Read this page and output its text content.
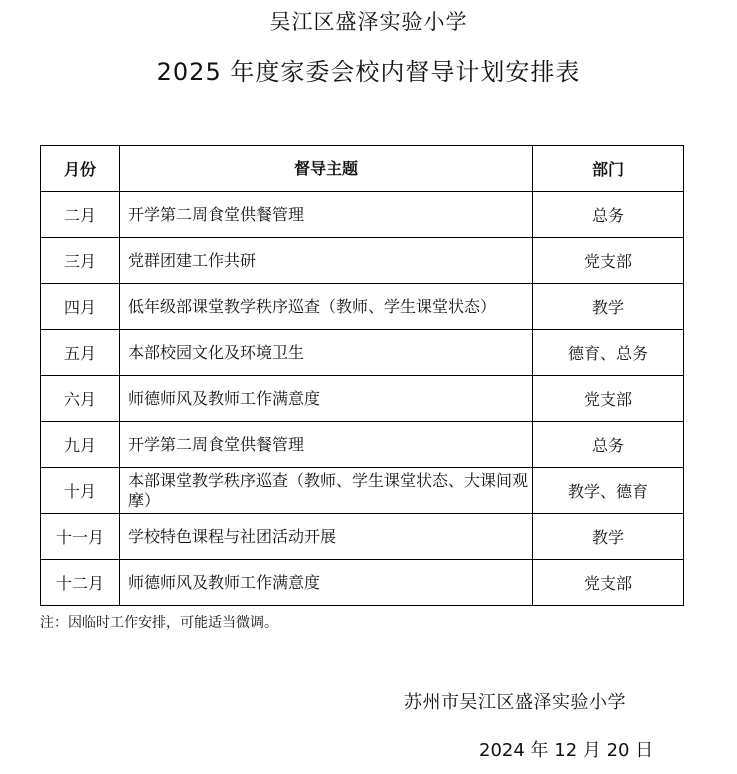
吴江区盛泽实验小学
2025 年度家委会校内督导计划安排表
月份	督导主题	部门
二月	开学第二周食堂供餐管理	总务
三月	党群团建工作共研	党支部
四月	低年级部课堂教学秩序巡查（教师、学生课堂状态）	教学
五月	本部校园文化及环境卫生	德育、总务
六月	师德师风及教师工作满意度	党支部
九月	开学第二周食堂供餐管理	总务
十月	本部课堂教学秩序巡查（教师、学生课堂状态、大课间观摩）	教学、德育
十一月	学校特色课程与社团活动开展	教学
十二月	师德师风及教师工作满意度	党支部
注：因临时工作安排，可能适当微调。
苏州市吴江区盛泽实验小学
2024 年 12 月 20 日
